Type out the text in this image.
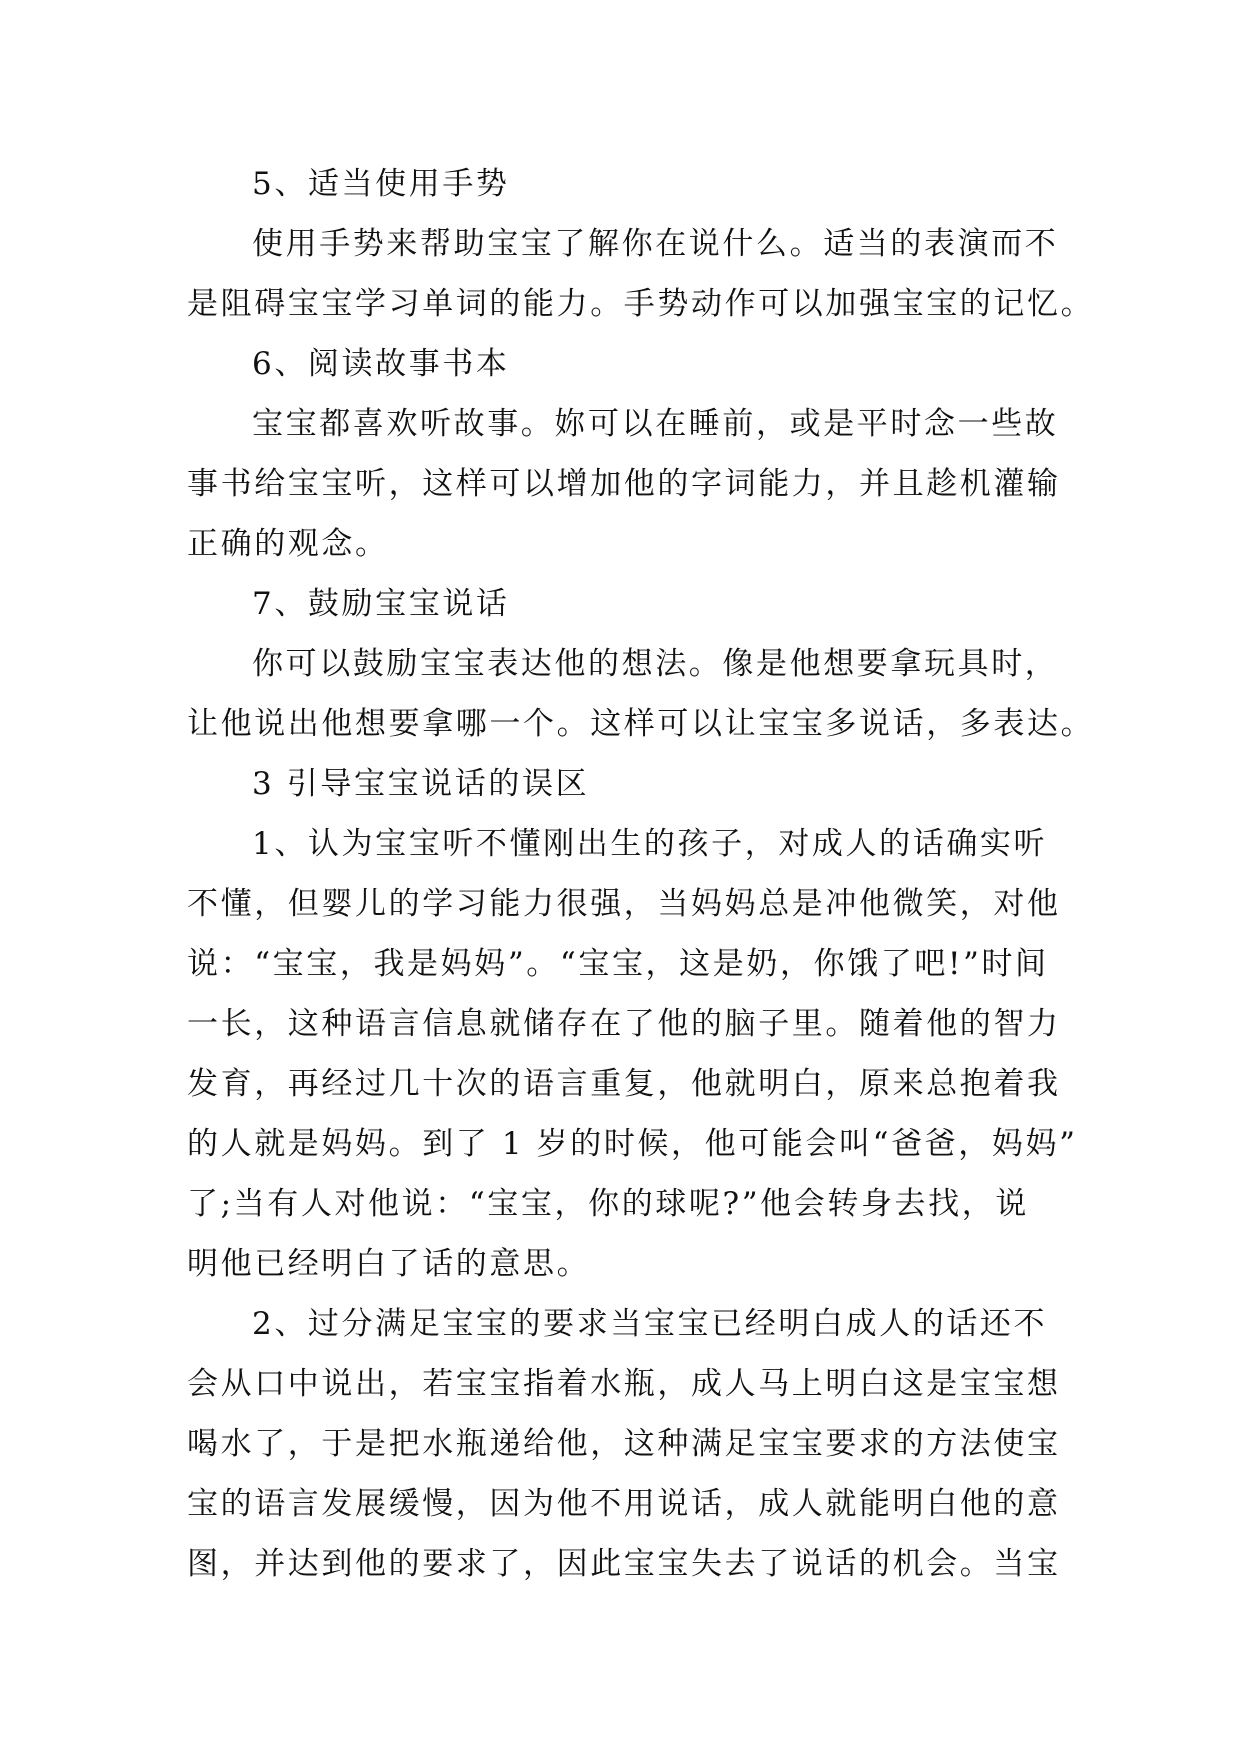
5、适当使用手势
使用手势来帮助宝宝了解你在说什么。适当的表演而不
是阻碍宝宝学习单词的能力。手势动作可以加强宝宝的记忆。
6、阅读故事书本
宝宝都喜欢听故事。妳可以在睡前，或是平时念一些故
事书给宝宝听，这样可以增加他的字词能力，并且趁机灌输
正确的观念。
7、鼓励宝宝说话
你可以鼓励宝宝表达他的想法。像是他想要拿玩具时，
让他说出他想要拿哪一个。这样可以让宝宝多说话，多表达。
3 引导宝宝说话的误区
1、认为宝宝听不懂刚出生的孩子，对成人的话确实听
不懂，但婴儿的学习能力很强，当妈妈总是冲他微笑，对他
说：“宝宝，我是妈妈”。“宝宝，这是奶，你饿了吧!”时间
一长，这种语言信息就储存在了他的脑子里。随着他的智力
发育，再经过几十次的语言重复，他就明白，原来总抱着我
的人就是妈妈。到了 1 岁的时候，他可能会叫“爸爸，妈妈”
了;当有人对他说：“宝宝，你的球呢?”他会转身去找，说
明他已经明白了话的意思。
2、过分满足宝宝的要求当宝宝已经明白成人的话还不
会从口中说出，若宝宝指着水瓶，成人马上明白这是宝宝想
喝水了，于是把水瓶递给他，这种满足宝宝要求的方法使宝
宝的语言发展缓慢，因为他不用说话，成人就能明白他的意
图，并达到他的要求了，因此宝宝失去了说话的机会。当宝
